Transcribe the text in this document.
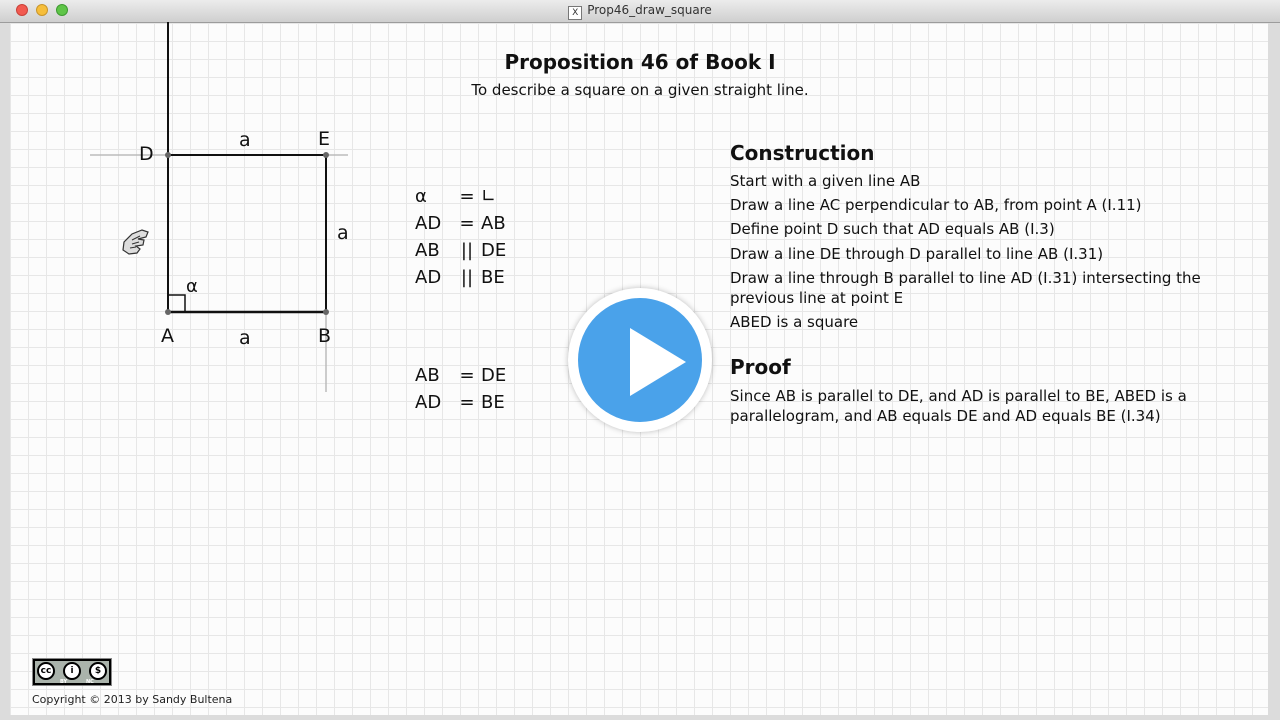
X Prop46_draw_square
D
E
A	B
a
a
a
α
Proposition 46 of Book I
To describe a square on a given straight line.
α = ∟
AD = AB
AB || DE
AD || BE
AB = DE
AD = BE
Construction
Start with a given line AB
Draw a line AC perpendicular to AB, from point A (I.11)
Define point D such that AD equals AB (I.3)
Draw a line DE through D parallel to line AB (I.31)
Draw a line through B parallel to line AD (I.31) intersecting the previous line at point E
ABED is a square
Proof
Since AB is parallel to DE, and AD is parallel to BE, ABED is a parallelogram, and AB equals DE and AD equals BE (I.34)
cc	i	$
BY	NC
Copyright © 2013 by Sandy Bultena
